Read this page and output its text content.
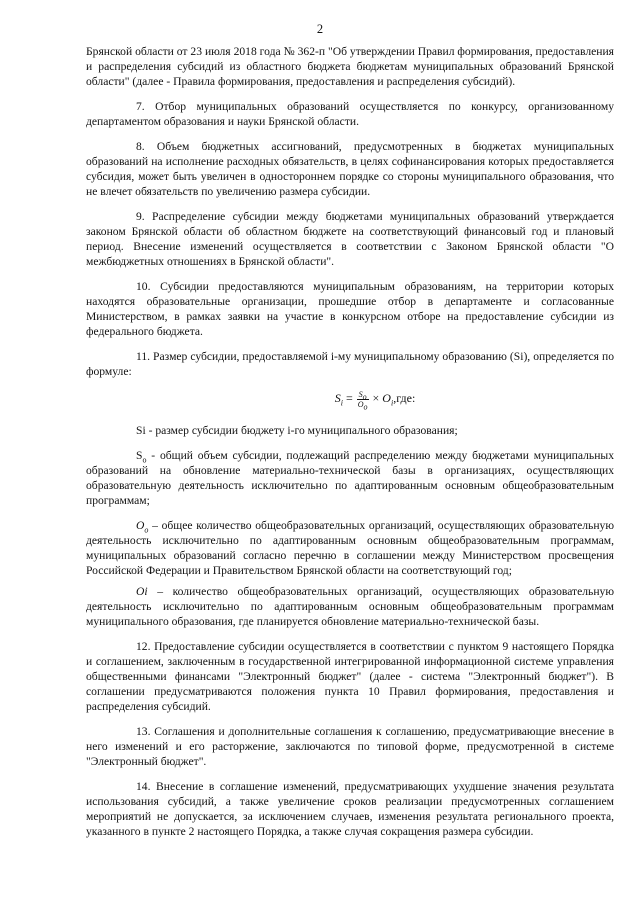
2

Брянской области от 23 июля 2018 года № 362-п "Об утверждении Правил формирования, предоставления и распределения субсидий из областного бюджета бюджетам муниципальных образований Брянской области" (далее - Правила формирования, предоставления и распределения субсидий).

7. Отбор муниципальных образований осуществляется по конкурсу, организованному департаментом образования и науки Брянской области.

8. Объем бюджетных ассигнований, предусмотренных в бюджетах муниципальных образований на исполнение расходных обязательств, в целях софинансирования которых предоставляется субсидия, может быть увеличен в одностороннем порядке со стороны муниципального образования, что не влечет обязательств по увеличению размера субсидии.

9. Распределение субсидии между бюджетами муниципальных образований утверждается законом Брянской области об областном бюджете на соответствующий финансовый год и плановый период. Внесение изменений осуществляется в соответствии с Законом Брянской области "О межбюджетных отношениях в Брянской области".

10. Субсидии предоставляются муниципальным образованиям, на территории которых находятся образовательные организации, прошедшие отбор в департаменте и согласованные Министерством, в рамках заявки на участие в конкурсном отборе на предоставление субсидии из федерального бюджета.

11. Размер субсидии, предоставляемой i-му муниципальному образованию (Si), определяется по формуле:

$S_i = \frac{S_o}{O_o} \times O_i,где$:

Si - размер субсидии бюджету i-го муниципального образования;

$S_o$ - общий объем субсидии, подлежащий распределению между бюджетами муниципальных образований на обновление материально-технической базы в организациях, осуществляющих образовательную деятельность исключительно по адаптированным основным общеобразовательным программам;

$O_o$ – общее количество общеобразовательных организаций, осуществляющих образовательную деятельность исключительно по адаптированным основным общеобразовательным программам, муниципальных образований согласно перечню в соглашении между Министерством просвещения Российской Федерации и Правительством Брянской области на соответствующий год;

Oi – количество общеобразовательных организаций, осуществляющих образовательную деятельность исключительно по адаптированным основным общеобразовательным программам муниципального образования, где планируется обновление материально-технической базы.

12. Предоставление субсидии осуществляется в соответствии с пунктом 9 настоящего Порядка и соглашением, заключенным в государственной интегрированной информационной системе управления общественными финансами "Электронный бюджет" (далее - система "Электронный бюджет"). В соглашении предусматриваются положения пункта 10 Правил формирования, предоставления и распределения субсидий.

13. Соглашения и дополнительные соглашения к соглашению, предусматривающие внесение в него изменений и его расторжение, заключаются по типовой форме, предусмотренной в системе "Электронный бюджет".

14. Внесение в соглашение изменений, предусматривающих ухудшение значения результата использования субсидий, а также увеличение сроков реализации предусмотренных соглашением мероприятий не допускается, за исключением случаев, изменения результата регионального проекта, указанного в пункте 2 настоящего Порядка, а также случая сокращения размера субсидии.
